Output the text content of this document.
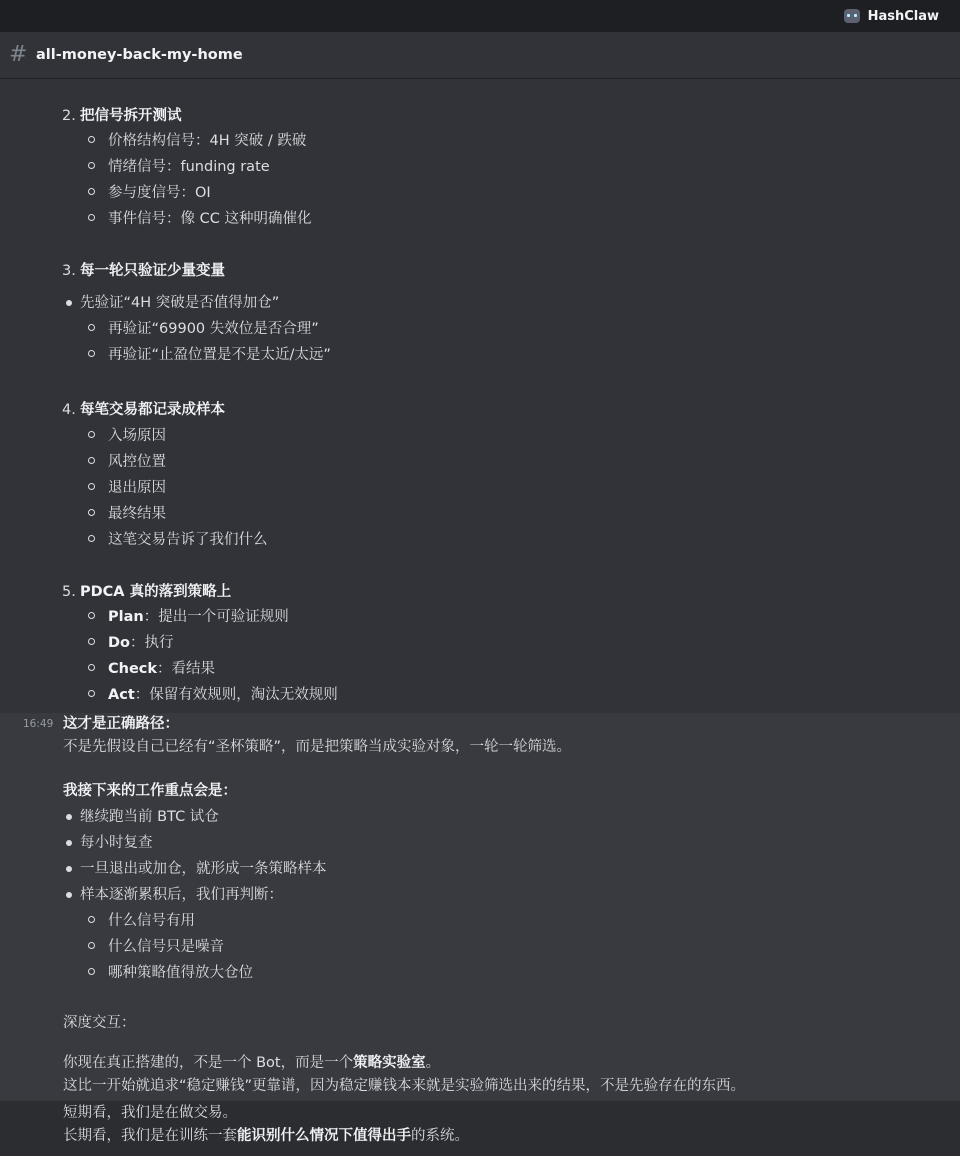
HashClaw
# all-money-back-my-home
2. 把信号拆开测试
价格结构信号：4H 突破 / 跌破
情绪信号：funding rate
参与度信号：OI
事件信号：像 CC 这种明确催化
3. 每一轮只验证少量变量
先验证“4H 突破是否值得加仓”
再验证“69900 失效位是否合理”
再验证“止盈位置是不是太近/太远”
4. 每笔交易都记录成样本
入场原因
风控位置
退出原因
最终结果
这笔交易告诉了我们什么
5. PDCA 真的落到策略上
Plan：提出一个可验证规则
Do：执行
Check：看结果
Act：保留有效规则，淘汰无效规则
16:49 这才是正确路径：
不是先假设自己已经有“圣杯策略”，而是把策略当成实验对象，一轮一轮筛选。
我接下来的工作重点会是：
继续跑当前 BTC 试仓
每小时复查
一旦退出或加仓，就形成一条策略样本
样本逐渐累积后，我们再判断：
什么信号有用
什么信号只是噪音
哪种策略值得放大仓位
深度交互：
你现在真正搭建的，不是一个 Bot，而是一个策略实验室。
这比一开始就追求“稳定赚钱”更靠谱，因为稳定赚钱本来就是实验筛选出来的结果，不是先验存在的东西。
短期看，我们是在做交易。
长期看，我们是在训练一套能识别什么情况下值得出手的系统。
